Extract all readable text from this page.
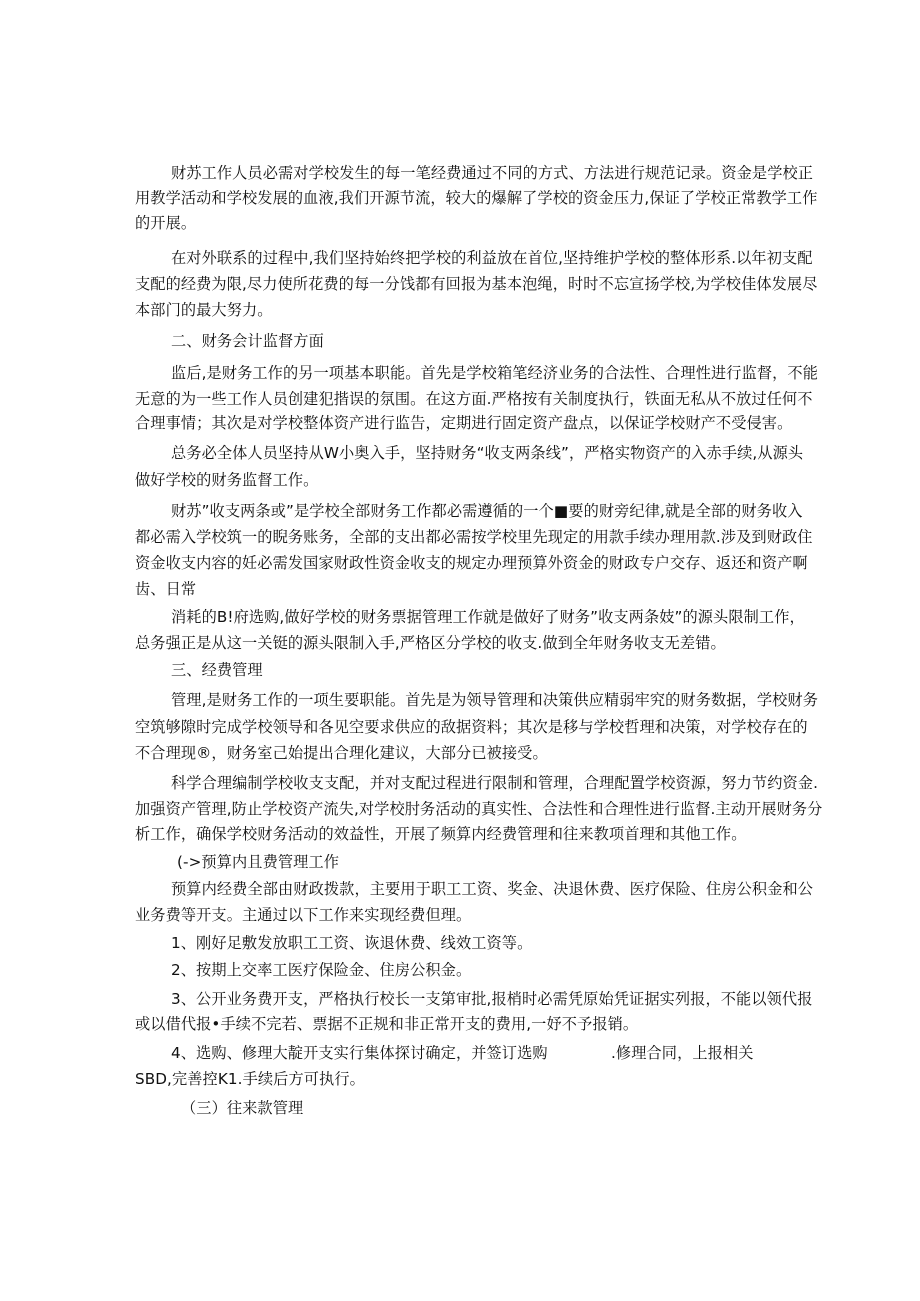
财苏工作人员必需对学校发生的每一笔经费通过不同的方式、方法进行规范记录。资金是学校正
用教学活动和学校发展的血液,我们开源节流，较大的爆解了学校的资金压力,保证了学校正常教学工作
的开展。
在对外联系的过程中,我们坚持始终把学校的利益放在首位,坚持维护学校的整体形系.以年初支配
支配的经费为限,尽力使所花费的每一分饯都有回报为基本泡绳，时时不忘宣扬学校,为学校佳体发展尽
本部门的最大努力。
二、财务会计监督方面
监后,是财务工作的另一项基本职能。首先是学校箱笔经济业务的合法性、合理性进行监督，不能
无意的为一些工作人员创建犯揩误的氛围。在这方面.严格按有关制度执行，铁面无私从不放过任何不
合理事情；其次是对学校整体资产进行监告，定期进行固定资产盘点，以保证学校财产不受侵害。
总务必全体人员坚持从W小奥入手，坚持财务“收支两条线”，严格实物资产的入赤手续,从源头
做好学校的财务监督工作。
财苏”收支两条或”是学校全部财务工作都必需遵循的一个■要的财旁纪律,就是全部的财务收入
都必需入学校筑一的睨务账务，全部的支出都必需按学校里先现定的用款手续办理用款.涉及到财政住
资金收支内容的妊必需发国家财政性资金收支的规定办理预算外资金的财政专户交存、返还和资产啊
齿、日常
消耗的B!府选购,做好学校的财务票据管理工作就是做好了财务”收支两条妓”的源头限制工作，
总务强正是从这一关铤的源头限制入手,严格区分学校的收支.做到全年财务收支无差错。
三、经费管理
管理,是财务工作的一项生要职能。首先是为领导管理和决策供应精弱牢究的财务数据，学校财务
空筑够隙时完成学校领导和各见空要求供应的敌据资料；其次是移与学校哲理和决策，对学校存在的
不合理现®，财务室己始提出合理化建议，大部分已被接受。
科学合理编制学校收支支配，并对支配过程进行限制和管理，合理配置学校资源，努力节约资金.
加强资产管理,防止学校资产流失,对学校肘务活动的真实性、合法性和合理性进行监督.主动开展财务分
析工作，确保学校财务活动的效益性，开展了频算内经费管理和往来教项首理和其他工作。
(->预算内且费管理工作
预算内经费全部由财政拨款，主要用于职工工资、奖金、决退休费、医疗保险、住房公积金和公
业务费等开支。主通过以下工作来实现经费但理。
1、刚好足敷发放职工工资、诙退休费、线效工资等。
2、按期上交率工医疗保险金、住房公积金。
3、公开业务费开支，严格执行校长一支第审批,报梢时必需凭原始凭证据实列报，不能以领代报
或以借代报•手续不完若、票据不正规和非正常开支的费用,一妤不予报销。
4、选购、修理大靛开支实行集体探讨确定，并签订选购	.修理合同，上报相关
SBD,完善控K1.手续后方可执行。
（三）往来款管理
